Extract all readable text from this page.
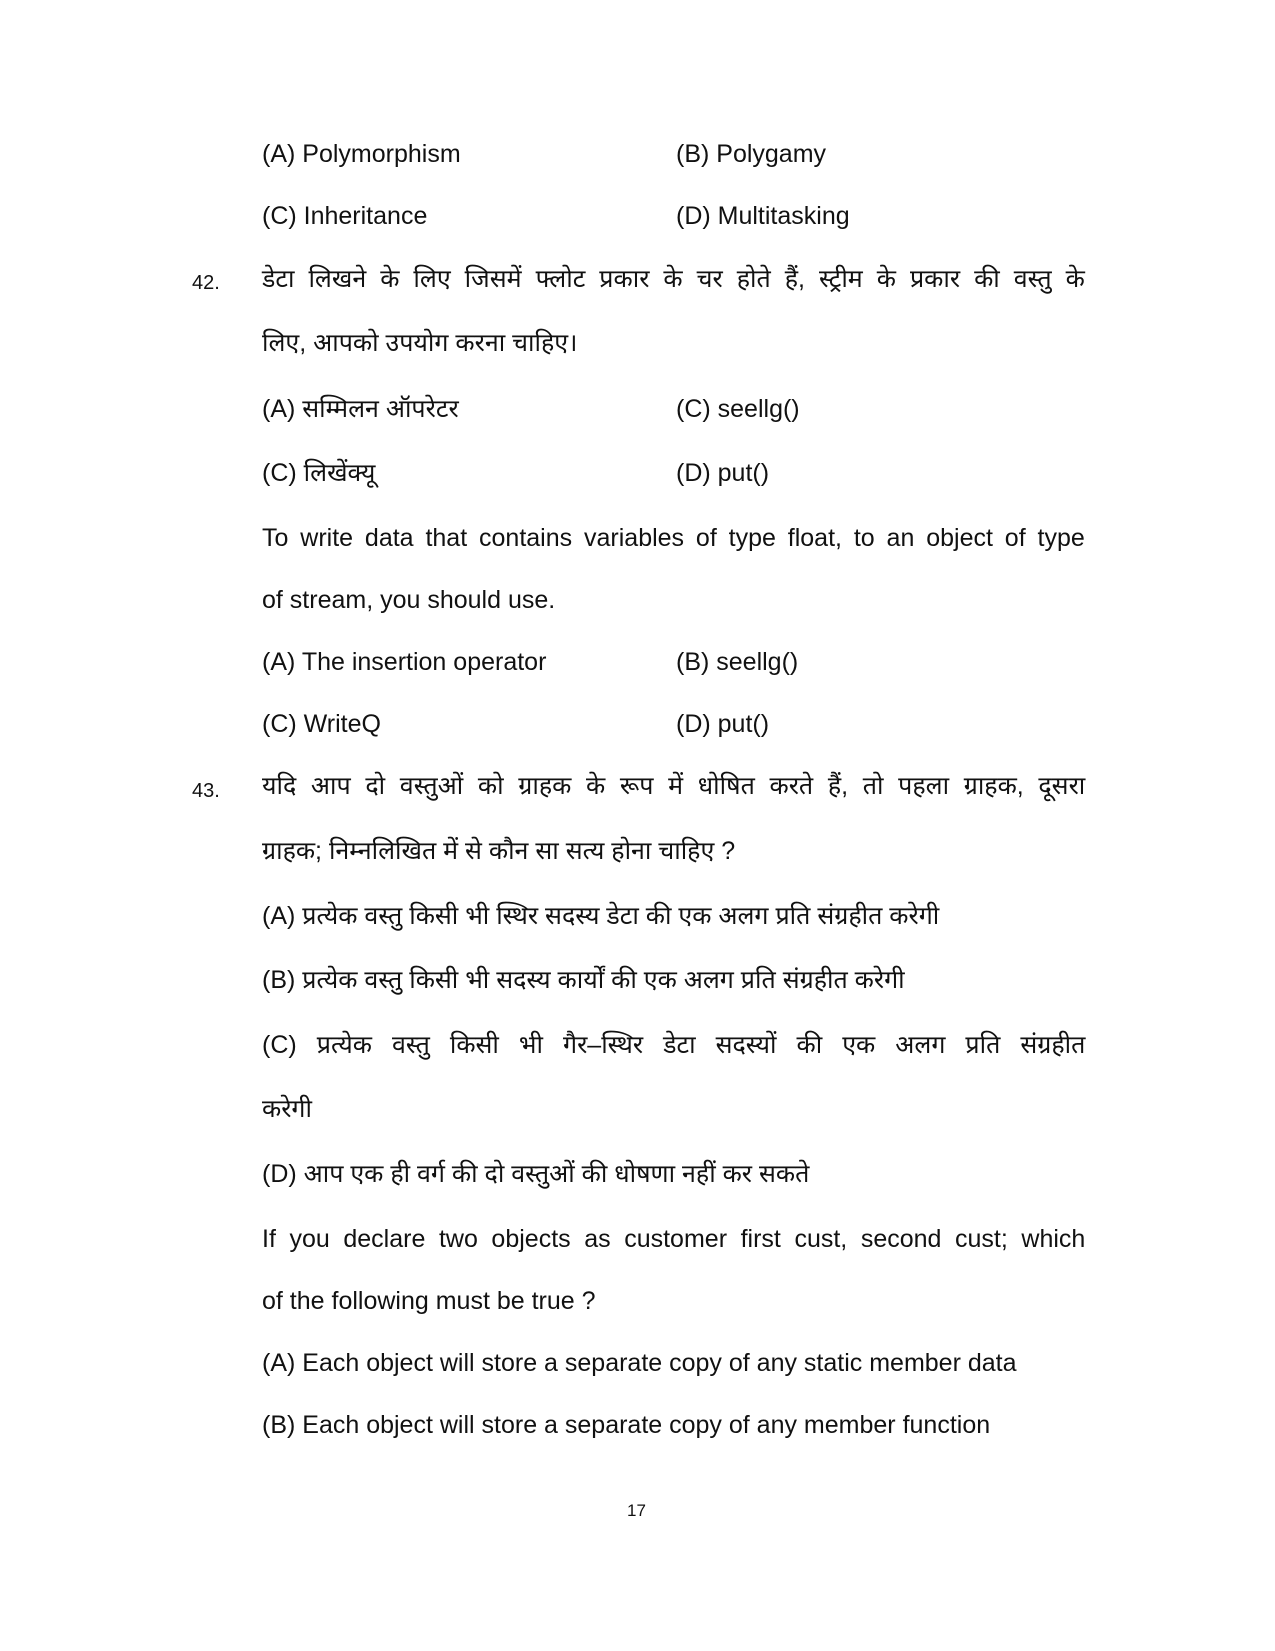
(A) Polymorphism	(B) Polygamy

(C) Inheritance	(D) Multitasking

42. डेटा लिखने के लिए जिसमें फ्लोट प्रकार के चर होते हैं, स्ट्रीम के प्रकार की वस्तु के

लिए, आपको उपयोग करना चाहिए।

(A) सम्मिलन ऑपरेटर	(C) seellg()

(C) लिखेंक्यू	(D) put()

To write data that contains variables of type float, to an object of type

of stream, you should use.

(A) The insertion operator	(B) seellg()

(C) WriteQ	(D) put()

43. यदि आप दो वस्तुओं को ग्राहक के रूप में धोषित करते हैं, तो पहला ग्राहक, दूसरा

ग्राहक; निम्नलिखित में से कौन सा सत्य होना चाहिए ?

(A) प्रत्येक वस्तु किसी भी स्थिर सदस्य डेटा की एक अलग प्रति संग्रहीत करेगी

(B) प्रत्येक वस्तु किसी भी सदस्य कार्यों की एक अलग प्रति संग्रहीत करेगी

(C) प्रत्येक वस्तु किसी भी गैर–स्थिर डेटा सदस्यों की एक अलग प्रति संग्रहीत

करेगी

(D) आप एक ही वर्ग की दो वस्तुओं की धोषणा नहीं कर सकते

If you declare two objects as customer first cust, second cust; which

of the following must be true ?

(A) Each object will store a separate copy of any static member data

(B) Each object will store a separate copy of any member function

17
